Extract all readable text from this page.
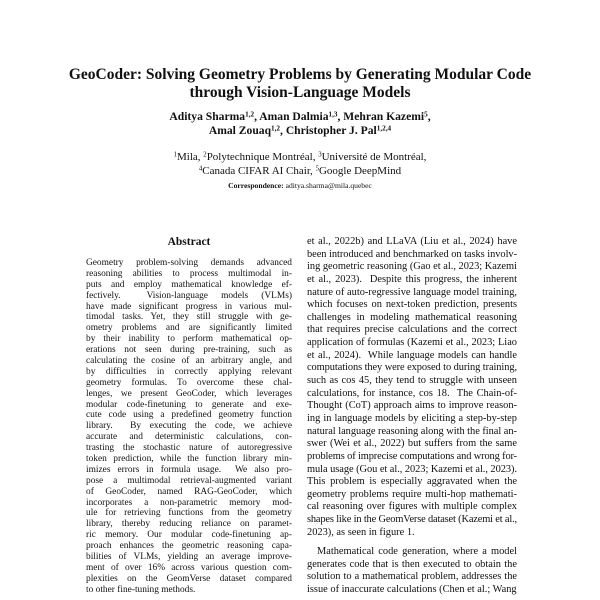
GeoCoder: Solving Geometry Problems by Generating Modular Code
through Vision-Language Models
Aditya Sharma$^{1,2}$, Aman Dalmia$^{1,3}$, Mehran Kazemi$^5$,
Amal Zouaq$^{1,2}$, Christopher J. Pal$^{1,2,4}$
$^1$Mila, $^2$Polytechnique Montréal, $^3$Université de Montréal,
$^4$Canada CIFAR AI Chair, $^5$Google DeepMind
Correspondence: aditya.sharma@mila.quebec
Abstract
Geometry problem-solving demands advanced
reasoning abilities to process multimodal in-
puts and employ mathematical knowledge ef-
fectively.  Vision-language models (VLMs)
have made significant progress in various mul-
timodal tasks. Yet, they still struggle with ge-
ometry problems and are significantly limited
by their inability to perform mathematical op-
erations not seen during pre-training, such as
calculating the cosine of an arbitrary angle, and
by difficulties in correctly applying relevant
geometry formulas. To overcome these chal-
lenges, we present GeoCoder, which leverages
modular code-finetuning to generate and exe-
cute code using a predefined geometry function
library.  By executing the code, we achieve
accurate and deterministic calculations, con-
trasting the stochastic nature of autoregressive
token prediction, while the function library min-
imizes errors in formula usage.  We also pro-
pose a multimodal retrieval-augmented variant
of GeoCoder, named RAG-GeoCoder, which
incorporates a non-parametric memory mod-
ule for retrieving functions from the geometry
library, thereby reducing reliance on paramet-
ric memory. Our modular code-finetuning ap-
proach enhances the geometric reasoning capa-
bilities of VLMs, yielding an average improve-
ment of over 16% across various question com-
plexities on the GeomVerse dataset compared
to other fine-tuning methods.
et al., 2022b) and LLaVA (Liu et al., 2024) have
been introduced and benchmarked on tasks involv-
ing geometric reasoning (Gao et al., 2023; Kazemi
et al., 2023).  Despite this progress, the inherent
nature of auto-regressive language model training,
which focuses on next-token prediction, presents
challenges in modeling mathematical reasoning
that requires precise calculations and the correct
application of formulas (Kazemi et al., 2023; Liao
et al., 2024).  While language models can handle
computations they were exposed to during training,
such as cos 45, they tend to struggle with unseen
calculations, for instance, cos 18.  The Chain-of-
Thought (CoT) approach aims to improve reason-
ing in language models by eliciting a step-by-step
natural language reasoning along with the final an-
swer (Wei et al., 2022) but suffers from the same
problems of imprecise computations and wrong for-
mula usage (Gou et al., 2023; Kazemi et al., 2023).
This problem is especially aggravated when the
geometry problems require multi-hop mathemati-
cal reasoning over figures with multiple complex
shapes like in the GeomVerse dataset (Kazemi et al.,
2023), as seen in figure 1.
Mathematical code generation, where a model
generates code that is then executed to obtain the
solution to a mathematical problem, addresses the
issue of inaccurate calculations (Chen et al.; Wang
